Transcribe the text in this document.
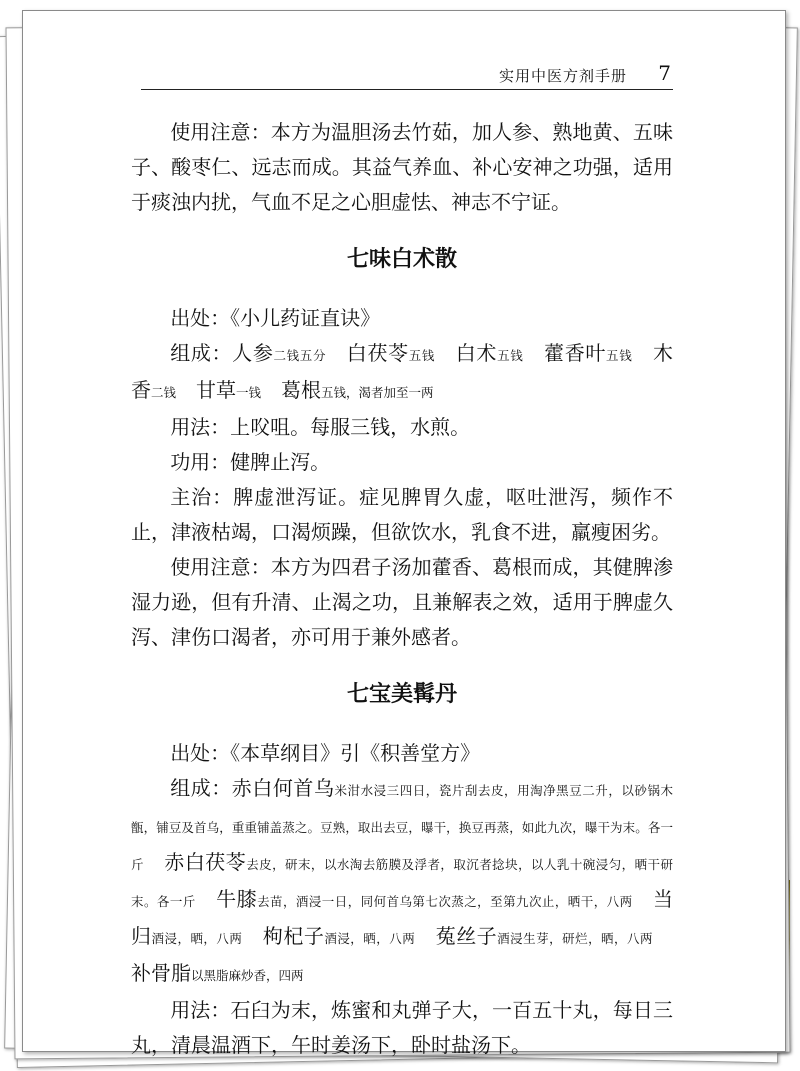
实用中医方剂手册 7

使用注意：本方为温胆汤去竹茹，加人参、熟地黄、五味子、酸枣仁、远志而成。其益气养血、补心安神之功强，适用于痰浊内扰，气血不足之心胆虚怯、神志不宁证。

七味白术散

出处：《小儿药证直诀》

组成：人参二钱五分　白茯苓五钱　白术五钱　藿香叶五钱　木香二钱　甘草一钱　葛根五钱，渴者加至一两

用法：上㕮咀。每服三钱，水煎。

功用：健脾止泻。

主治：脾虚泄泻证。症见脾胃久虚，呕吐泄泻，频作不止，津液枯竭，口渴烦躁，但欲饮水，乳食不进，羸瘦困劣。

使用注意：本方为四君子汤加藿香、葛根而成，其健脾渗湿力逊，但有升清、止渴之功，且兼解表之效，适用于脾虚久泻、津伤口渴者，亦可用于兼外感者。

七宝美髯丹

出处：《本草纲目》引《积善堂方》

组成：赤白何首乌米泔水浸三四日，瓷片刮去皮，用淘净黑豆二升，以砂锅木甑，铺豆及首乌，重重铺盖蒸之。豆熟，取出去豆，曝干，换豆再蒸，如此九次，曝干为末。各一斤　赤白茯苓去皮，研末，以水淘去筋膜及浮者，取沉者捻块，以人乳十碗浸匀，晒干研末。各一斤　牛膝去苗，酒浸一日，同何首乌第七次蒸之，至第九次止，晒干，八两　当归酒浸，晒，八两　枸杞子酒浸，晒，八两　菟丝子酒浸生芽，研烂，晒，八两　补骨脂以黑脂麻炒香，四两

用法：石臼为末，炼蜜和丸弹子大，一百五十丸，每日三丸，清晨温酒下，午时姜汤下，卧时盐汤下。
